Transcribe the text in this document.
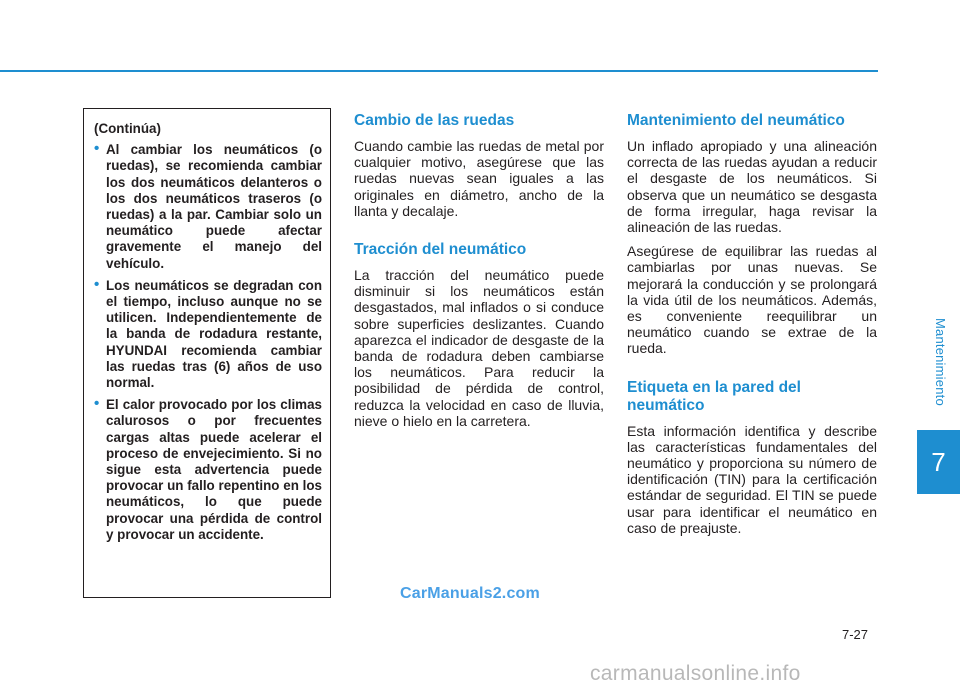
Mantenimiento
7
(Continúa)
• Al cambiar los neumáticos (o ruedas), se recomienda cambiar los dos neumáticos delanteros o los dos neumáticos traseros (o ruedas) a la par. Cambiar solo un neumático puede afectar gravemente el manejo del vehículo.
• Los neumáticos se degradan con el tiempo, incluso aunque no se utilicen. Independientemente de la banda de rodadura restante, HYUNDAI recomienda cambiar las ruedas tras (6) años de uso normal.
• El calor provocado por los climas calurosos o por frecuentes cargas altas puede acelerar el proceso de envejecimiento. Si no sigue esta advertencia puede provocar un fallo repentino en los neumáticos, lo que puede provocar una pérdida de control y provocar un accidente.
Cambio de las ruedas

Cuando cambie las ruedas de metal por cualquier motivo, asegúrese que las ruedas nuevas sean iguales a las originales en diámetro, ancho de la llanta y decalaje.

Tracción del neumático

La tracción del neumático puede disminuir si los neumáticos están desgastados, mal inflados o si conduce sobre superficies deslizantes. Cuando aparezca el indicador de desgaste de la banda de rodadura deben cambiarse los neumáticos. Para reducir la posibilidad de pérdida de control, reduzca la velocidad en caso de lluvia, nieve o hielo en la carretera.

Mantenimiento del neumático

Un inflado apropiado y una alineación correcta de las ruedas ayudan a reducir el desgaste de los neumáticos. Si observa que un neumático se desgasta de forma irregular, haga revisar la alineación de las ruedas.

Asegúrese de equilibrar las ruedas al cambiarlas por unas nuevas. Se mejorará la conducción y se prolongará la vida útil de los neumáticos. Además, es conveniente reequilibrar un neumático cuando se extrae de la rueda.

Etiqueta en la pared del neumático

Esta información identifica y describe las características fundamentales del neumático y proporciona su número de identificación (TIN) para la certificación estándar de seguridad. El TIN se puede usar para identificar el neumático en caso de preajuste.

CarManuals2.com
7-27
carmanualsonline.info
